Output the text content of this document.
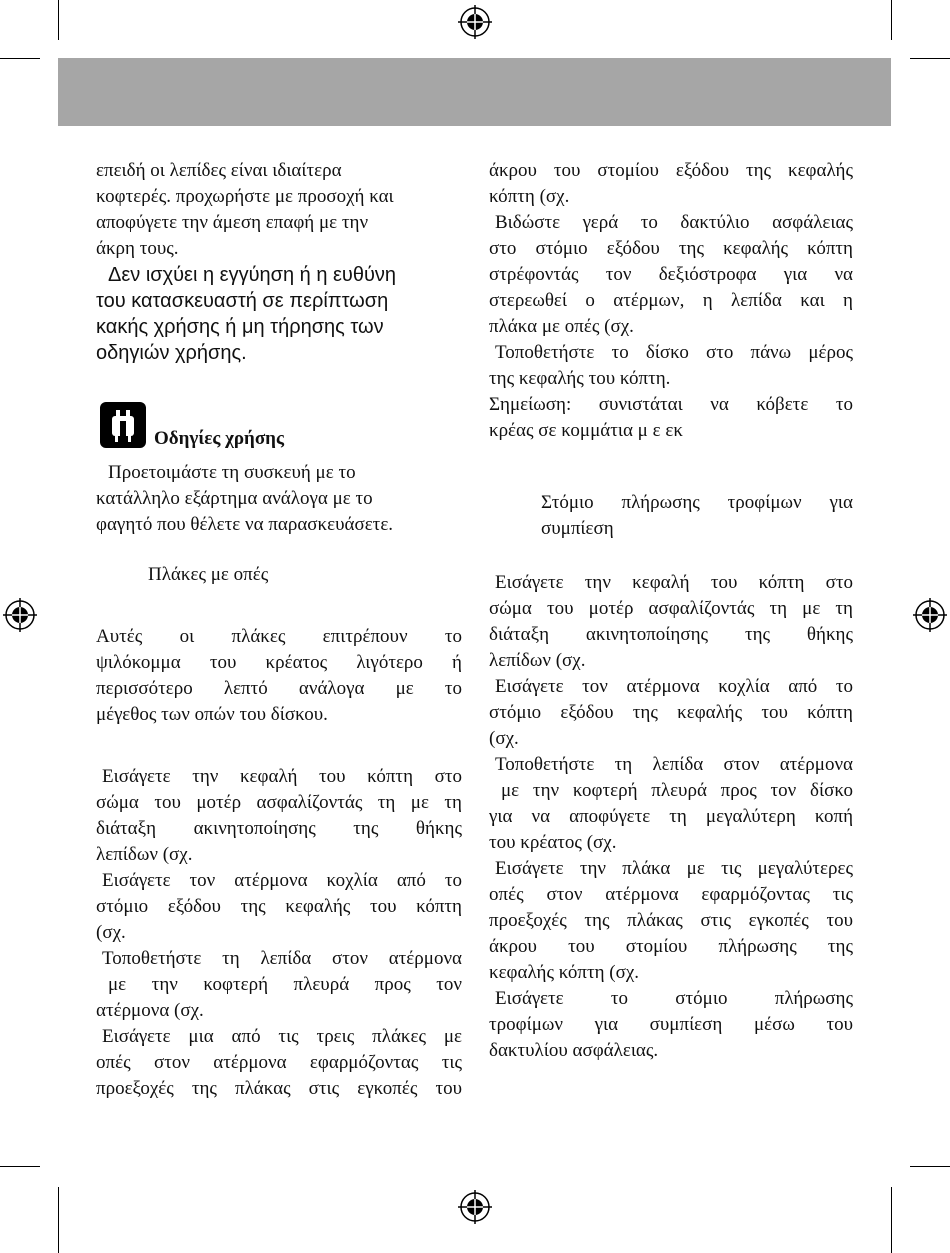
επειδή οι λεπίδες είναι ιδιαίτερα
κοφτερές. προχωρήστε με προσοχή και
αποφύγετε την άμεση επαφή με την
άκρη τους.
Δεν ισχύει η εγγύηση ή η ευθύνη
του κατασκευαστή σε περίπτωση
κακής χρήσης ή μη τήρησης των
οδηγιών χρήσης.
Οδηγίες χρήσης
Προετοιμάστε τη συσκευή με το
κατάλληλο εξάρτημα ανάλογα με το
φαγητό που θέλετε να παρασκευάσετε.
Πλάκες με οπές
Αυτές οι πλάκες επιτρέπουν το
ψιλόκομμα του κρέατος λιγότερο ή
περισσότερο λεπτό ανάλογα με το
μέγεθος των οπών του δίσκου.
Εισάγετε την κεφαλή του κόπτη στο
σώμα του μοτέρ ασφαλίζοντάς τη με τη
διάταξη ακινητοποίησης της θήκης
λεπίδων (σχ.
Εισάγετε τον ατέρμονα κοχλία από το
στόμιο εξόδου της κεφαλής του κόπτη
(σχ.
Τοποθετήστε τη λεπίδα στον ατέρμονα
με την κοφτερή πλευρά προς τον
ατέρμονα (σχ.
Εισάγετε μια από τις τρεις πλάκες με
οπές στον ατέρμονα εφαρμόζοντας τις
προεξοχές της πλάκας στις εγκοπές του
άκρου του στομίου εξόδου της κεφαλής
κόπτη (σχ.
Βιδώστε γερά το δακτύλιο ασφάλειας
στο στόμιο εξόδου της κεφαλής κόπτη
στρέφοντάς τον δεξιόστροφα για να
στερεωθεί ο ατέρμων, η λεπίδα και η
πλάκα με οπές (σχ.
Τοποθετήστε το δίσκο στο πάνω μέρος
της κεφαλής του κόπτη.
Σημείωση: συνιστάται να κόβετε το
κρέας σε κομμάτια μ ε εκ
Στόμιο πλήρωσης τροφίμων για
συμπίεση
Εισάγετε την κεφαλή του κόπτη στο
σώμα του μοτέρ ασφαλίζοντάς τη με τη
διάταξη ακινητοποίησης της θήκης
λεπίδων (σχ.
Εισάγετε τον ατέρμονα κοχλία από το
στόμιο εξόδου της κεφαλής του κόπτη
(σχ.
Τοποθετήστε τη λεπίδα στον ατέρμονα
με την κοφτερή πλευρά προς τον δίσκο
για να αποφύγετε τη μεγαλύτερη κοπή
του κρέατος (σχ.
Εισάγετε την πλάκα με τις μεγαλύτερες
οπές στον ατέρμονα εφαρμόζοντας τις
προεξοχές της πλάκας στις εγκοπές του
άκρου του στομίου πλήρωσης της
κεφαλής κόπτη (σχ.
Εισάγετε το στόμιο πλήρωσης
τροφίμων για συμπίεση μέσω του
δακτυλίου ασφάλειας.
